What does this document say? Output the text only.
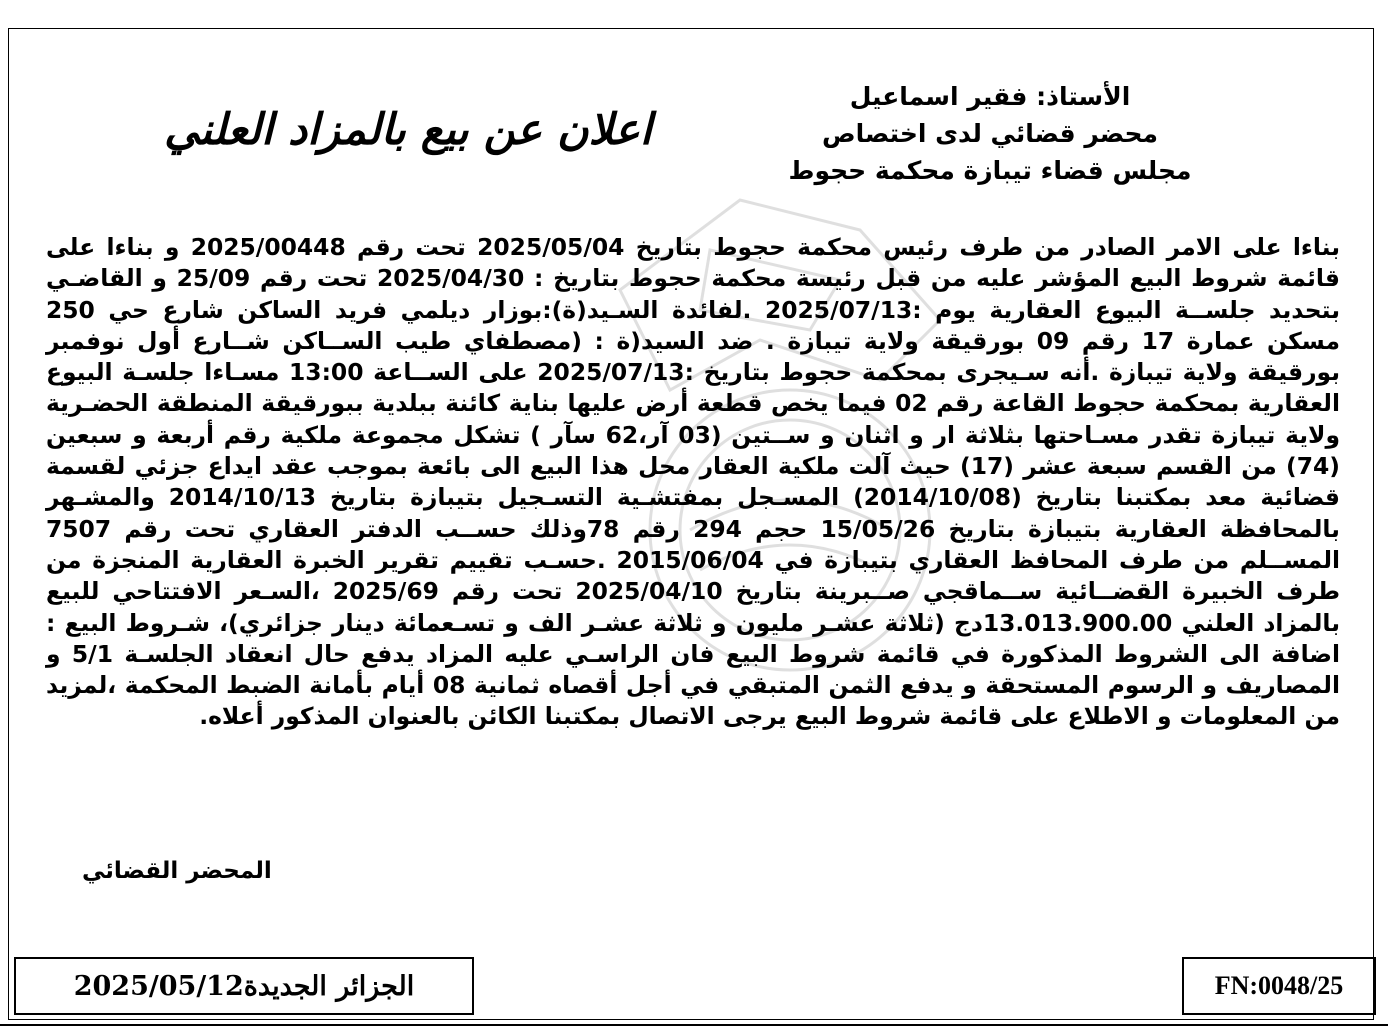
الأستاذ: فقير اسماعيل
محضر قضائي لدى اختصاص
مجلس قضاء تيبازة محكمة حجوط
اعلان عن بيع بالمزاد العلني

بناءا على الامر الصادر من طرف رئيس محكمة حجوط بتاريخ 2025/05/04 تحت رقم 2025/00448 و بناءا على قائمة شروط البيع المؤشر عليه من قبل رئيسة محكمة حجوط بتاريخ : 2025/04/30 تحت رقم 25/09 و القاضـي بتحديد جلســة البيوع العقارية يوم :2025/07/13 .لفائدة السـيد(ة):بوزار ديلمي فريد الساكن شارع حي 250 مسكن عمارة 17 رقم 09 بورقيقة ولاية تيبازة . ضد السيد(ة : (مصطفاي طيب الســاكن شــارع أول نوفمبر بورقيقة ولاية تيبازة .أنه سـيجرى بمحكمة حجوط بتاريخ :2025/07/13 على الســاعة 13:00 مسـاءا جلسـة البيوع العقارية بمحكمة حجوط القاعة رقم 02 فيما يخص قطعة أرض عليها بناية كائنة ببلدية ببورقيقة المنطقة الحضـرية ولاية تيبازة تقدر مسـاحتها بثلاثة ار و اثنان و ســتين (03 آر،62 سآر ) تشكل مجموعة ملكية رقم أربعة و سبعين (74) من القسم سبعة عشر (17) حيث آلت ملكية العقار محل هذا البيع الى بائعة بموجب عقد ايداع جزئي لقسمة قضائية معد بمكتبنا بتاريخ (2014/10/08) المسـجل بمفتشـية التسـجيل بتيبازة بتاريخ 2014/10/13 والمشـهر بالمحافظة العقارية بتيبازة بتاريخ 15/05/26 حجم 294 رقم 78وذلك حســب الدفتر العقاري تحت رقم 7507 المســلم من طرف المحافظ العقاري بتيبازة في 2015/06/04 .حسـب تقييم تقرير الخبرة العقارية المنجزة من طرف الخبيرة القضــائية ســماقجي صــبرينة بتاريخ 2025/04/10 تحت رقم 2025/69 ،السـعر الافتتاحي للبيع بالمزاد العلني 13.013.900.00دج (ثلاثة عشـر مليون و ثلاثة عشـر الف و تسـعمائة دينار جزائري)، شـروط البيع : اضافة الى الشروط المذكورة في قائمة شروط البيع فان الراسـي عليه المزاد يدفع حال انعقاد الجلسـة 5/1 و المصاريف و الرسوم المستحقة و يدفع الثمن المتبقي في أجل أقصاه ثمانية 08 أيام بأمانة الضبط المحكمة ،لمزيد من المعلومات و الاطلاع على قائمة شروط البيع يرجى الاتصال بمكتبنا الكائن بالعنوان المذكور أعلاه.

المحضر القضائي
الجزائر الجديدة2025/05/12	FN:0048/25
